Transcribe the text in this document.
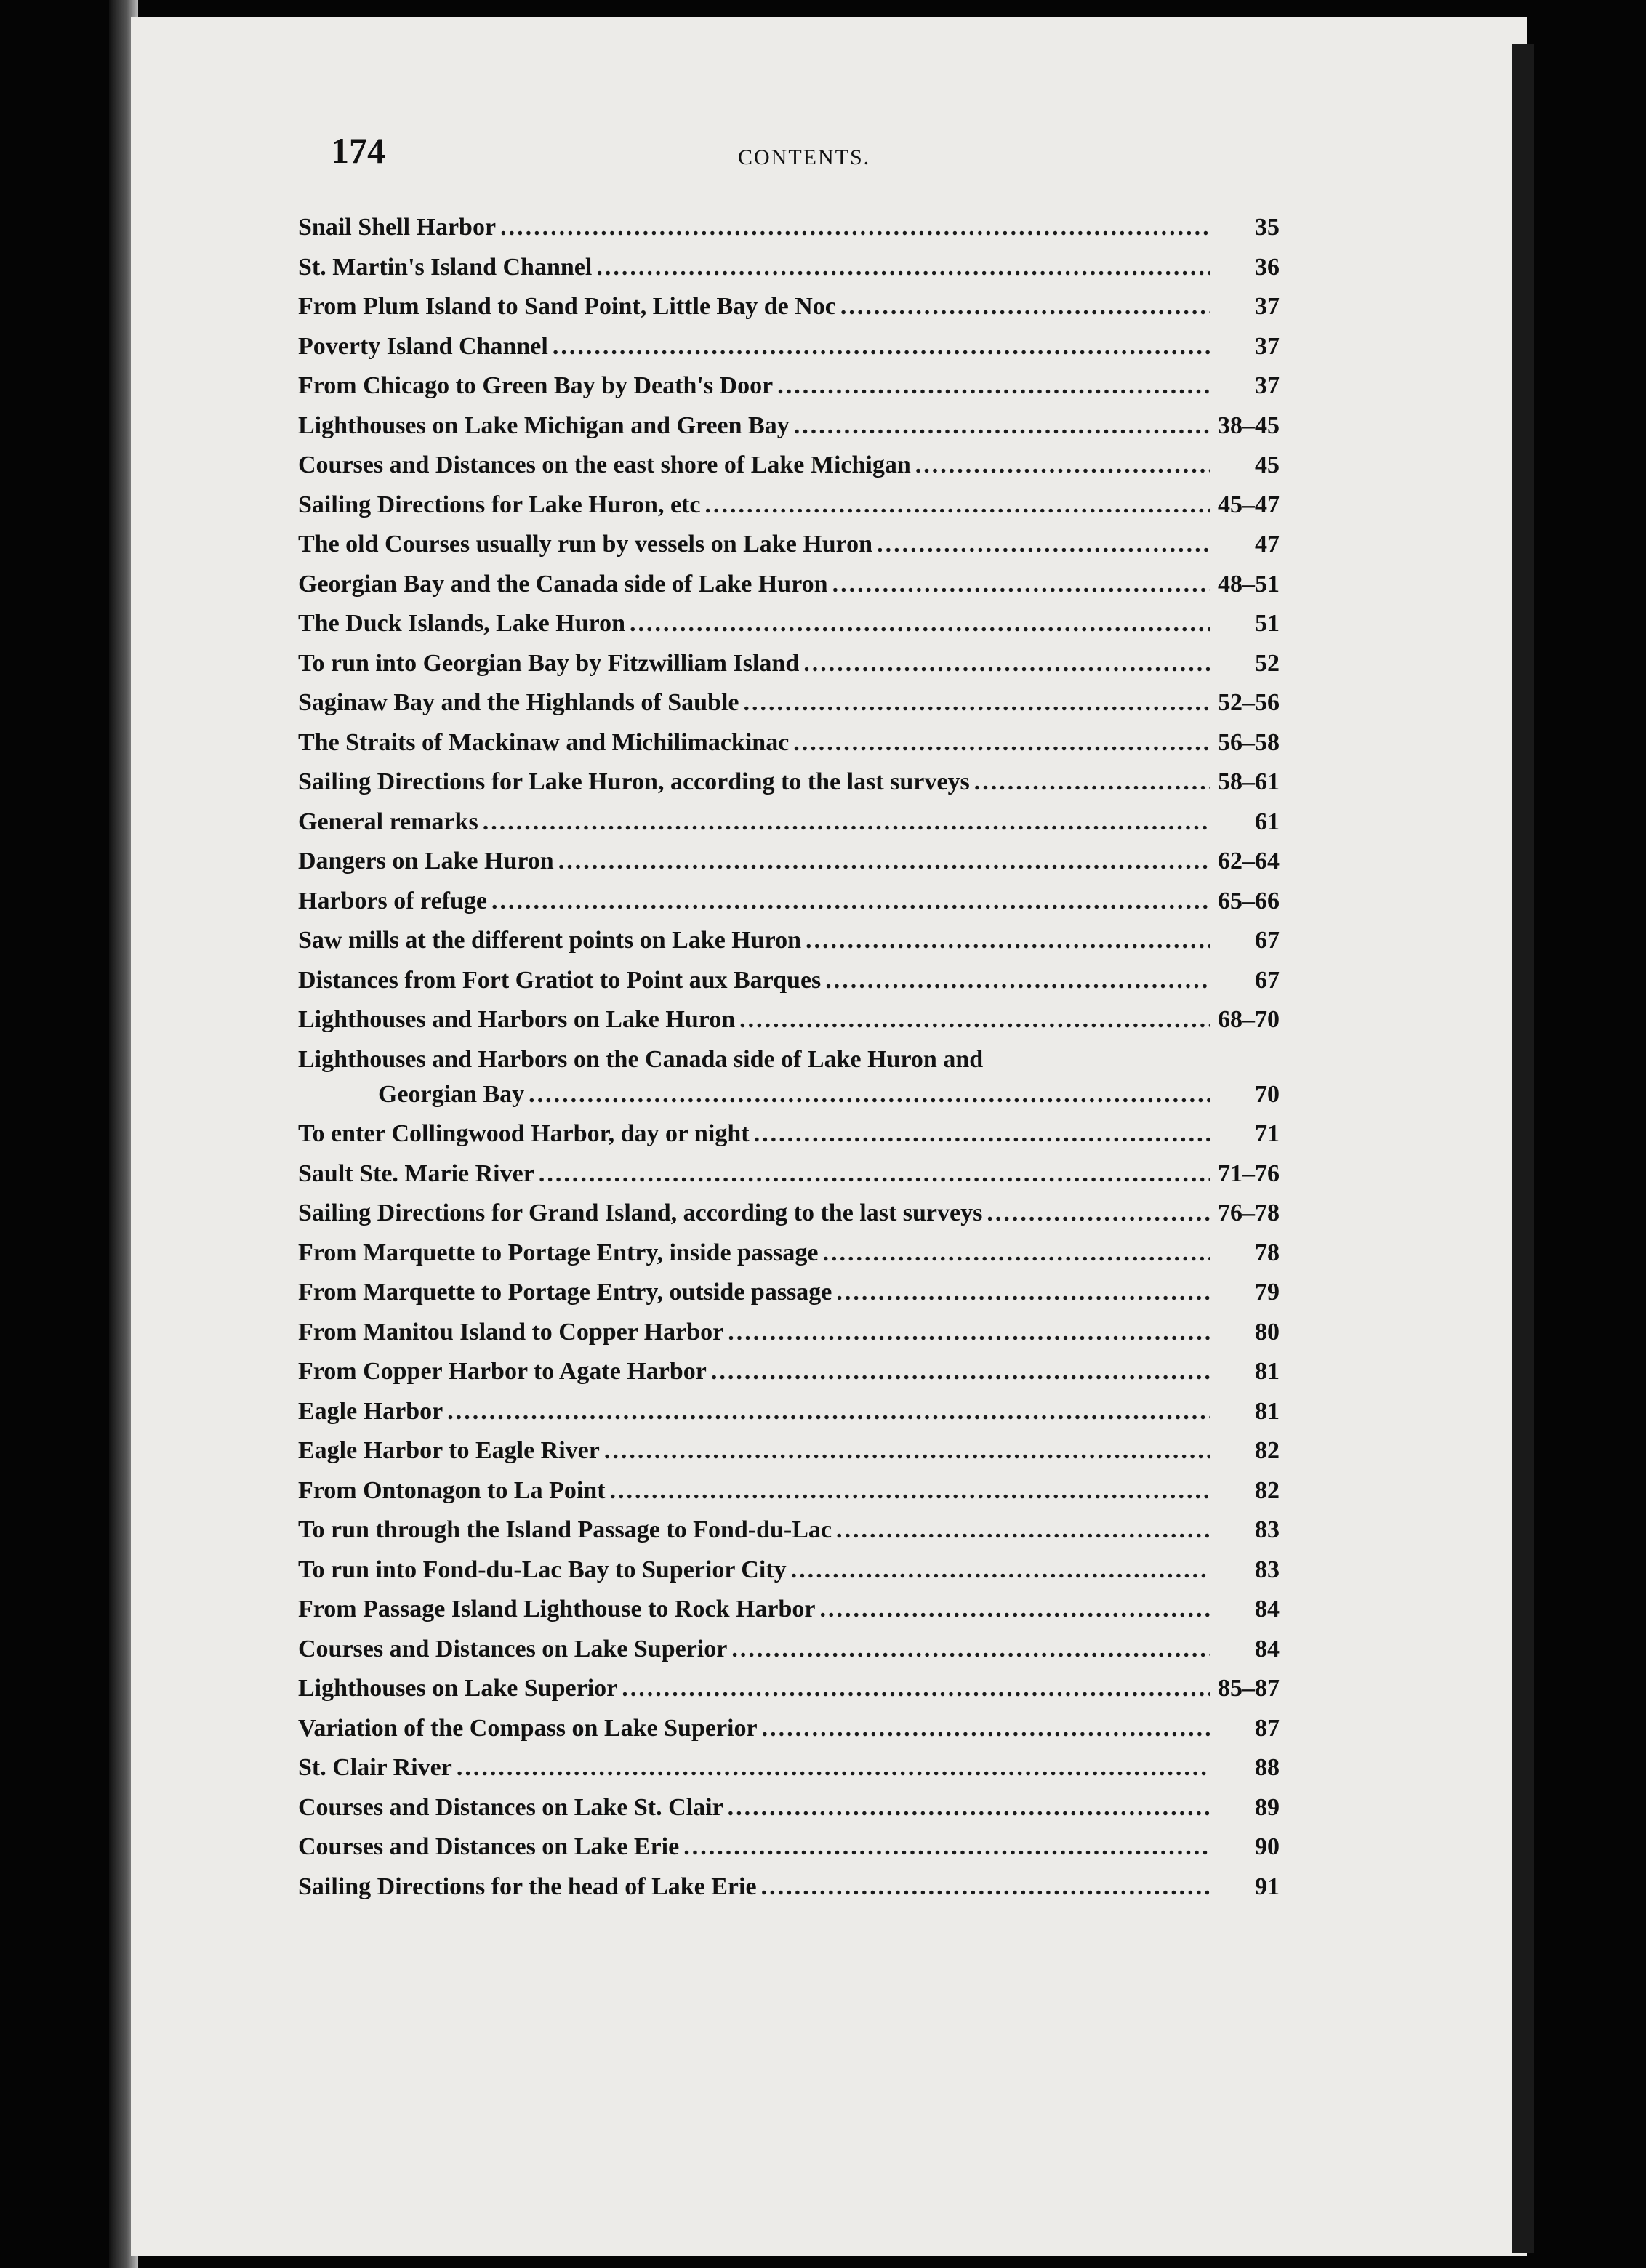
174	CONTENTS.
Snail Shell Harbor .....	35
St. Martin's Island Channel .....	36
From Plum Island to Sand Point, Little Bay de Noc .....	37
Poverty Island Channel .....	37
From Chicago to Green Bay by Death's Door .....	37
Lighthouses on Lake Michigan and Green Bay .....	38–45
Courses and Distances on the east shore of Lake Michigan .....	45
Sailing Directions for Lake Huron, etc .....	45–47
The old Courses usually run by vessels on Lake Huron .....	47
Georgian Bay and the Canada side of Lake Huron .....	48–51
The Duck Islands, Lake Huron .....	51
To run into Georgian Bay by Fitzwilliam Island .....	52
Saginaw Bay and the Highlands of Sauble .....	52–56
The Straits of Mackinaw and Michilimackinac .....	56–58
Sailing Directions for Lake Huron, according to the last surveys .....	58–61
General remarks .....	61
Dangers on Lake Huron .....	62–64
Harbors of refuge .....	65–66
Saw mills at the different points on Lake Huron .....	67
Distances from Fort Gratiot to Point aux Barques .....	67
Lighthouses and Harbors on Lake Huron .....	68–70
Lighthouses and Harbors on the Canada side of Lake Huron and
Georgian Bay .....	70
To enter Collingwood Harbor, day or night .....	71
Sault Ste. Marie River .....	71–76
Sailing Directions for Grand Island, according to the last surveys .....	76–78
From Marquette to Portage Entry, inside passage .....	78
From Marquette to Portage Entry, outside passage .....	79
From Manitou Island to Copper Harbor .....	80
From Copper Harbor to Agate Harbor .....	81
Eagle Harbor .....	81
Eagle Harbor to Eagle River .....	82
From Ontonagon to La Point .....	82
To run through the Island Passage to Fond-du-Lac .....	83
To run into Fond-du-Lac Bay to Superior City .....	83
From Passage Island Lighthouse to Rock Harbor .....	84
Courses and Distances on Lake Superior .....	84
Lighthouses on Lake Superior .....	85–87
Variation of the Compass on Lake Superior .....	87
St. Clair River .....	88
Courses and Distances on Lake St. Clair .....	89
Courses and Distances on Lake Erie .....	90
Sailing Directions for the head of Lake Erie .....	91
